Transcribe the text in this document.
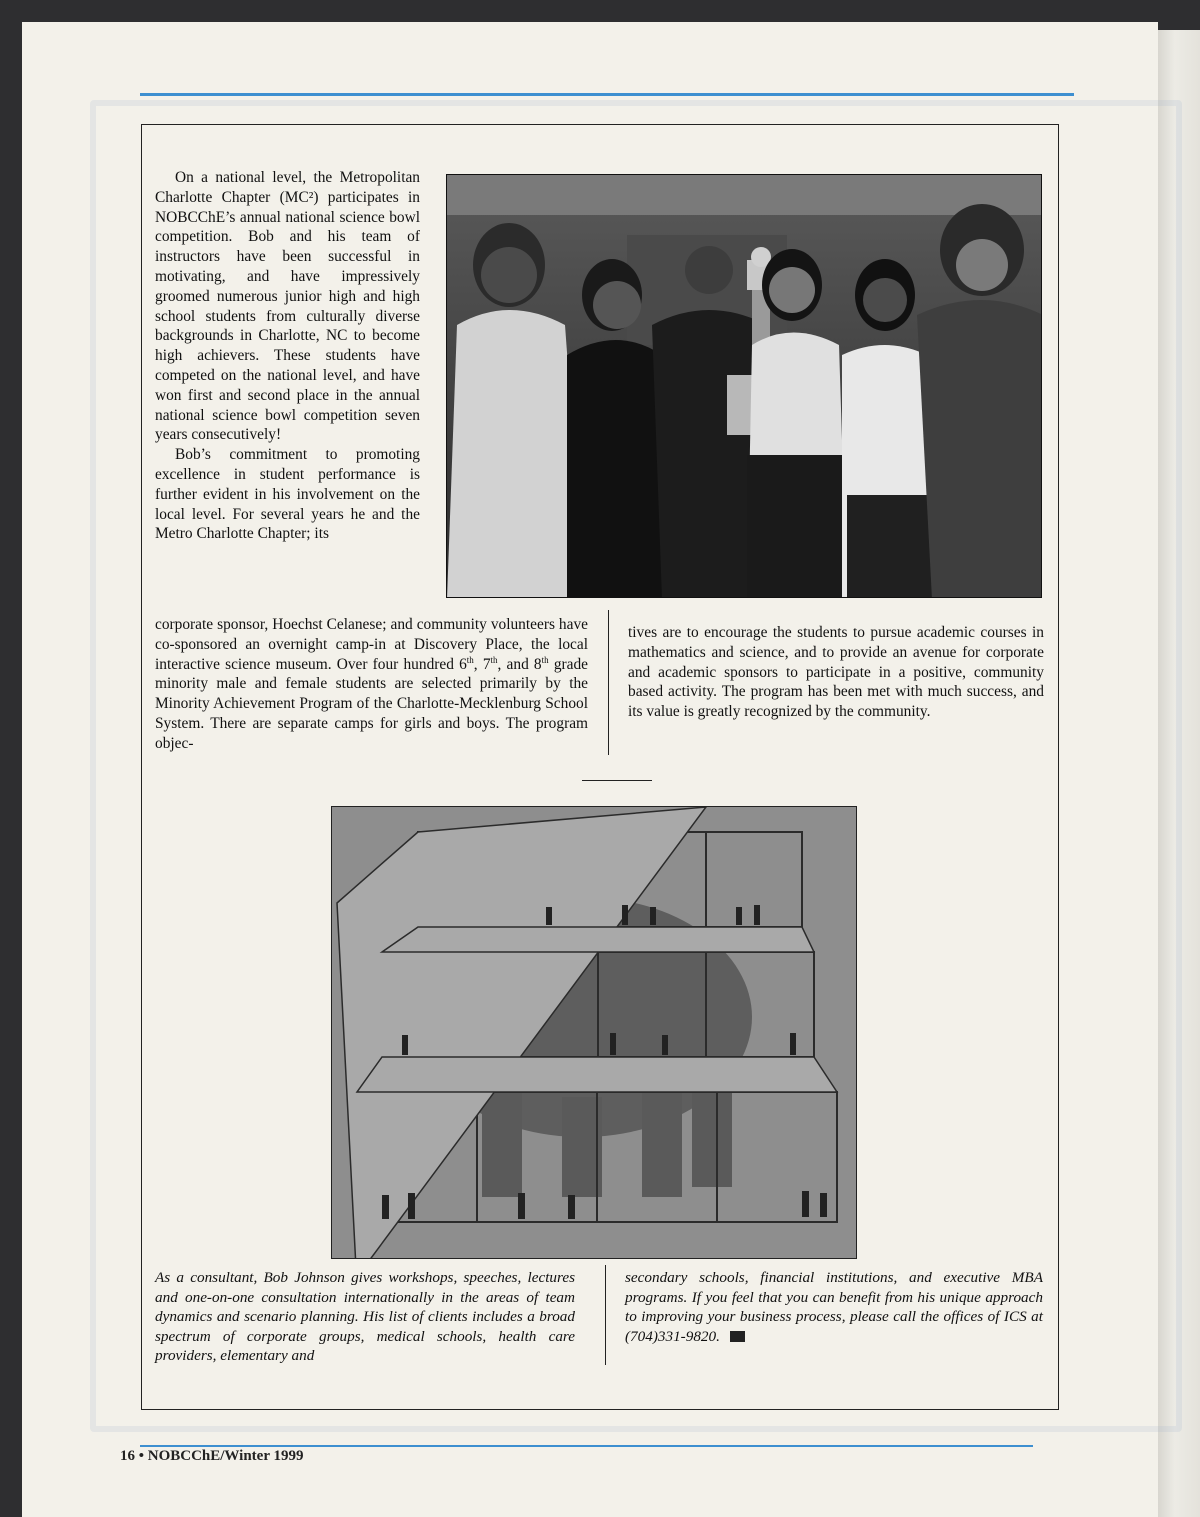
On a national level, the Metropolitan Charlotte Chapter (MC²) participates in NOBCChE’s annual national science bowl competition. Bob and his team of instructors have been successful in motivating, and have impressively groomed numerous junior high and high school students from culturally diverse backgrounds in Charlotte, NC to become high achievers. These students have competed on the national level, and have won first and second place in the annual national science bowl competition seven years consecutively!

Bob’s commitment to promoting excellence in student performance is further evident in his involvement on the local level. For several years he and the Metro Charlotte Chapter; its

corporate sponsor, Hoechst Celanese; and community volunteers have co-sponsored an overnight camp-in at Discovery Place, the local interactive science museum. Over four hundred 6th, 7th, and 8th grade minority male and female students are selected primarily by the Minority Achievement Program of the Charlotte-Mecklenburg School System. There are separate camps for girls and boys. The program objec-

tives are to encourage the students to pursue academic courses in mathematics and science, and to provide an avenue for corporate and academic sponsors to participate in a positive, community based activity. The program has been met with much success, and its value is greatly recognized by the community.

As a consultant, Bob Johnson gives workshops, speeches, lectures and one-on-one consultation internationally in the areas of team dynamics and scenario planning. His list of clients includes a broad spectrum of corporate groups, medical schools, health care providers, elementary and
secondary schools, financial institutions, and executive MBA programs. If you feel that you can benefit from his unique approach to improving your business process, please call the offices of ICS at (704)331-9820.
16 • NOBCChE/Winter 1999
